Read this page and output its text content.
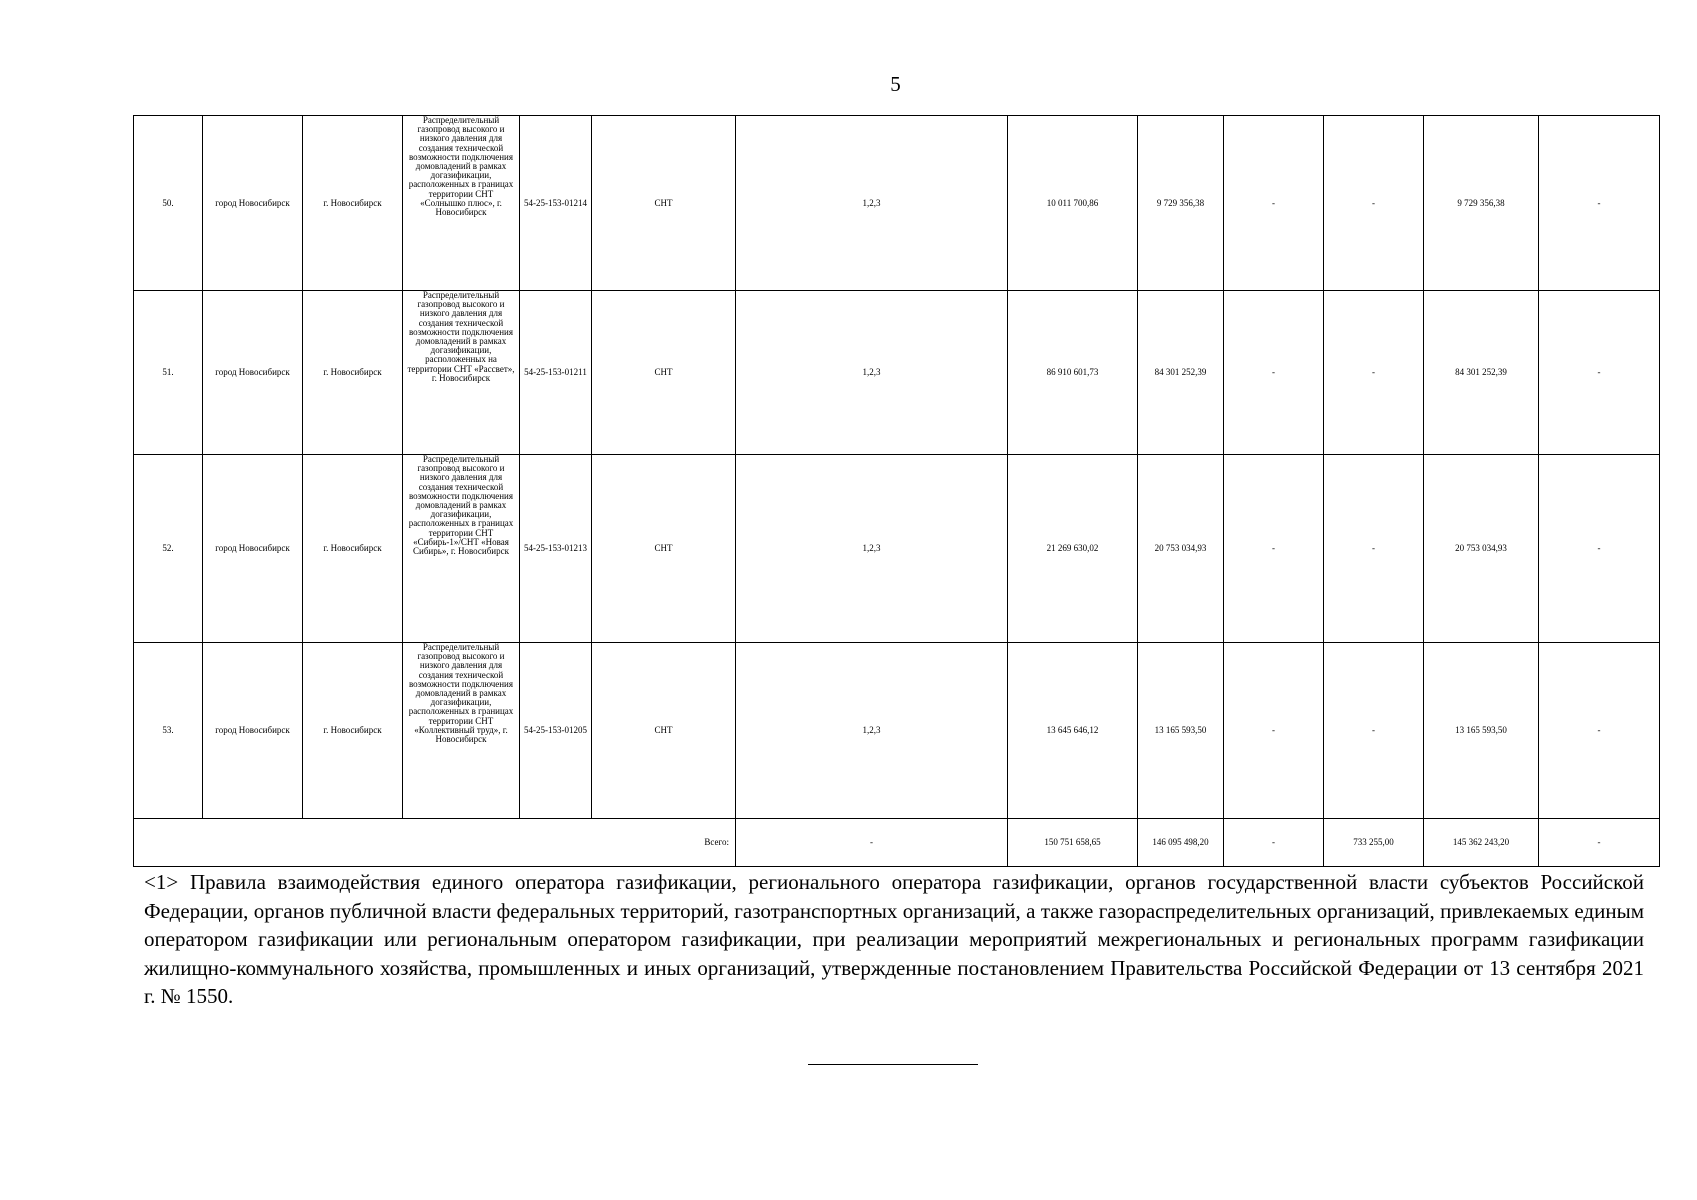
5
50.	город Новосибирск	г. Новосибирск	Распределительный газопровод высокого и низкого давления для создания технической возможности подключения домовладений в рамках догазификации, расположенных в границах территории СНТ «Солнышко плюс», г. Новосибирск	54-25-153-01214	СНТ	1,2,3	10 011 700,86	9 729 356,38	-	-	9 729 356,38	-
51.	город Новосибирск	г. Новосибирск	Распределительный газопровод высокого и низкого давления для создания технической возможности подключения домовладений в рамках догазификации, расположенных на территории СНТ «Рассвет», г. Новосибирск	54-25-153-01211	СНТ	1,2,3	86 910 601,73	84 301 252,39	-	-	84 301 252,39	-
52.	город Новосибирск	г. Новосибирск	Распределительный газопровод высокого и низкого давления для создания технической возможности подключения домовладений в рамках догазификации, расположенных в границах территории СНТ «Сибирь-1»/СНТ «Новая Сибирь», г. Новосибирск	54-25-153-01213	СНТ	1,2,3	21 269 630,02	20 753 034,93	-	-	20 753 034,93	-
53.	город Новосибирск	г. Новосибирск	Распределительный газопровод высокого и низкого давления для создания технической возможности подключения домовладений в рамках догазификации, расположенных в границах территории СНТ «Коллективный труд», г. Новосибирск	54-25-153-01205	СНТ	1,2,3	13 645 646,12	13 165 593,50	-	-	13 165 593,50	-
Всего:						-	150 751 658,65	146 095 498,20	-	733 255,00	145 362 243,20	-
<1> Правила взаимодействия единого оператора газификации, регионального оператора газификации, органов государственной власти субъектов Российской Федерации, органов публичной власти федеральных территорий, газотранспортных организаций, а также газораспределительных организаций, привлекаемых единым оператором газификации или региональным оператором газификации, при реализации мероприятий межрегиональных и региональных программ газификации жилищно-коммунального хозяйства, промышленных и иных организаций, утвержденные постановлением Правительства Российской Федерации от 13 сентября 2021 г. № 1550.
